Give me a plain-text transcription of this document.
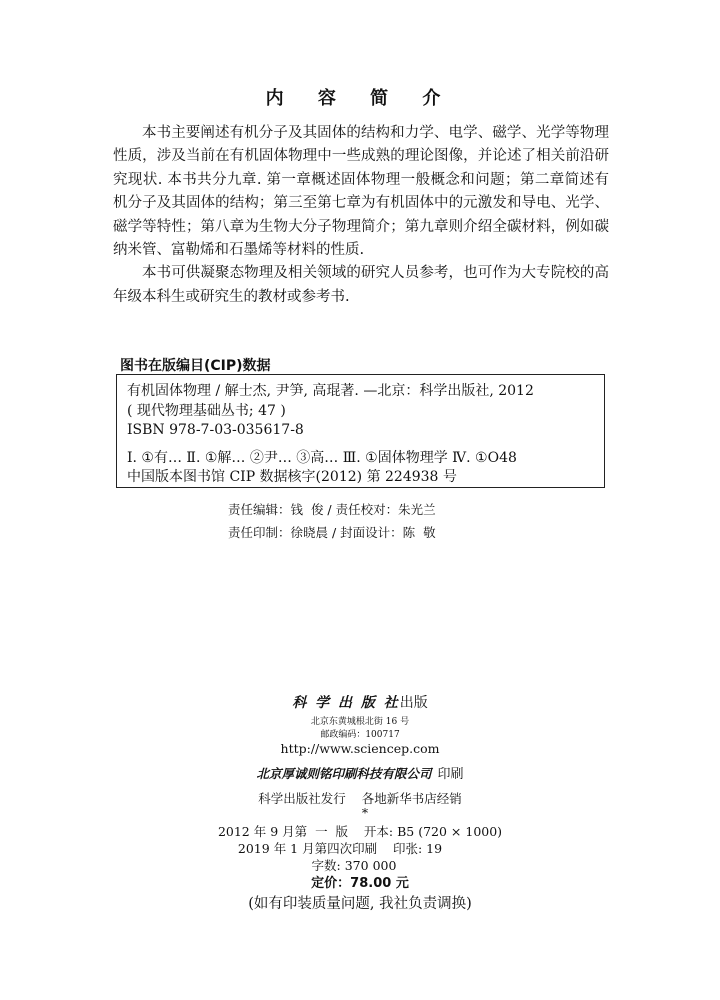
内 容 简 介

本书主要阐述有机分子及其固体的结构和力学、电学、磁学、光学等物理性质，涉及当前在有机固体物理中一些成熟的理论图像，并论述了相关前沿研究现状. 本书共分九章. 第一章概述固体物理一般概念和问题；第二章简述有机分子及其固体的结构；第三至第七章为有机固体中的元激发和导电、光学、磁学等特性；第八章为生物大分子物理简介；第九章则介绍全碳材料，例如碳纳米管、富勒烯和石墨烯等材料的性质.

本书可供凝聚态物理及相关领域的研究人员参考，也可作为大专院校的高年级本科生或研究生的教材或参考书.

图书在版编目(CIP)数据
有机固体物理 / 解士杰, 尹笋, 高琨著. —北京：科学出版社, 2012
( 现代物理基础丛书; 47 )
ISBN 978-7-03-035617-8
Ⅰ. ①有… Ⅱ. ①解… ②尹… ③高… Ⅲ. ①固体物理学 Ⅳ. ①O48
中国版本图书馆 CIP 数据核字(2012) 第 224938 号
责任编辑：钱  俊 / 责任校对：朱光兰
责任印制：徐晓晨 / 封面设计：陈  敬
科 学 出 版 社出版
北京东黄城根北街 16 号
邮政编码：100717
http://www.sciencep.com
北京厚诚则铭印刷科技有限公司 印刷
科学出版社发行    各地新华书店经销
*
2012 年 9 月第  一  版    开本: B5 (720 × 1000)
2019 年 1 月第四次印刷    印张: 19
字数: 370 000
定价：78.00 元
(如有印装质量问题, 我社负责调换)
